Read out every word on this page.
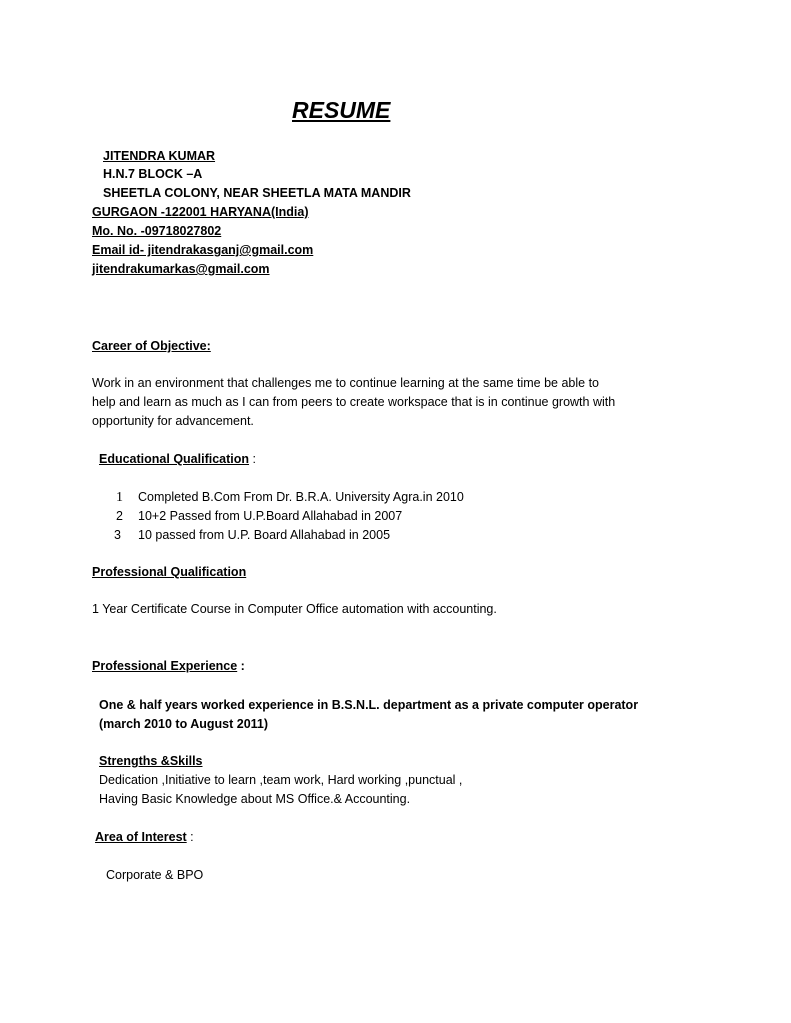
RESUME
JITENDRA KUMAR
H.N.7 BLOCK –A
SHEETLA COLONY, NEAR SHEETLA MATA MANDIR
GURGAON -122001 HARYANA(India)
Mo. No. -09718027802
Email id- jitendrakasganj@gmail.com
jitendrakumarkas@gmail.com
Career of Objective:
Work in an environment that challenges me to continue learning at the same time be able to
help and learn as much as I can from peers to create workspace that is in continue growth with
opportunity for advancement.
Educational Qualification :
1 Completed B.Com From Dr. B.R.A. University Agra.in 2010
2 10+2 Passed from U.P.Board Allahabad in 2007
3 10 passed from U.P. Board Allahabad in 2005
Professional Qualification
1 Year Certificate Course in Computer Office automation with accounting.
Professional Experience :
One & half years worked experience in B.S.N.L. department as a private computer operator
(march 2010 to August 2011)
Strengths &Skills
Dedication ,Initiative to learn ,team work, Hard working ,punctual ,
Having Basic Knowledge about MS Office.& Accounting.
Area of Interest :
Corporate & BPO
